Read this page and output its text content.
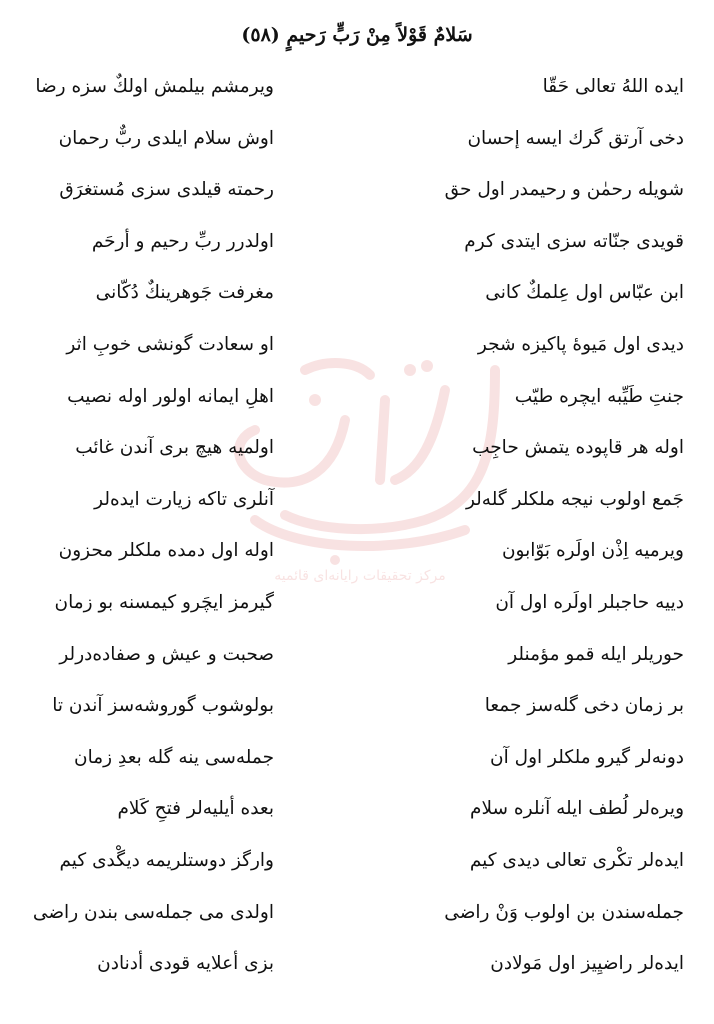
مرکز تحقیقات رایانه‌ای قائمیه
سَلامٌ قَوْلاً مِنْ رَبٍّ رَحیمٍ (٥٨)
ایده اللهُ تعالی حَقّا
ویرمشم بیلمش اولكٌ سزه رضا
دخی آرتق گرك ایسه إحسان
اوش سلام ایلدی ربٌّ رحمان
شویله رحمٰن و رحیمدر اول حق
رحمته قیلدی سزی مُستغرَق
قویدی جنّاته سزی ایتدی کرم
اولدرر ربِّ رحیم و أرحَم
ابن عبّاس اول عِلمكٌ كانی
مغرفت جَوهرینكٌ دُکّانی
دیدی اول مَیوۀ پاكیزه شجر
او سعادت گونشی خوبِ اثر
جنتِ طَیِّبه ایچره طیّب
اهلِ ایمانه اولور اوله نصیب
اوله هر قاپوده یتمش حاجِب
اولمیه هیچ بری آندن غائب
جَمع اولوب نیجه ملكلر گلەلر
آنلری تاكه زیارت ایدەلر
ویرمیه اِذْن اولَره بَوّابون
اوله اول دمده ملكلر محزون
دیيه حاجبلر اولَره اول آن
گیرمز ایچَرو كیمسنه بو زمان
حوریلر ایله قمو مؤمنلر
صحبت و عیش و صفادەدرلر
بر زمان دخی گلەسز جمعا
بولوشوب گوروشەسز آندن تا
دونەلر گیرو ملكلر اول آن
جملەسی ینه گله بعدِ زمان
ویرەلر لُطف ایله آنلره سلام
بعده أیلیەلر فتحِ كَلام
ایدەلر تكْرى تعالی دیدی كیم
وارگز دوستلریمه دیگْدی كیم
جملەسندن بن اولوب وَنْ راضی
اولدی می جملەسی بندن راضی
ایدەلر راضیِیز اول مَولادن
بزی أعلایه قودی أدنادن
